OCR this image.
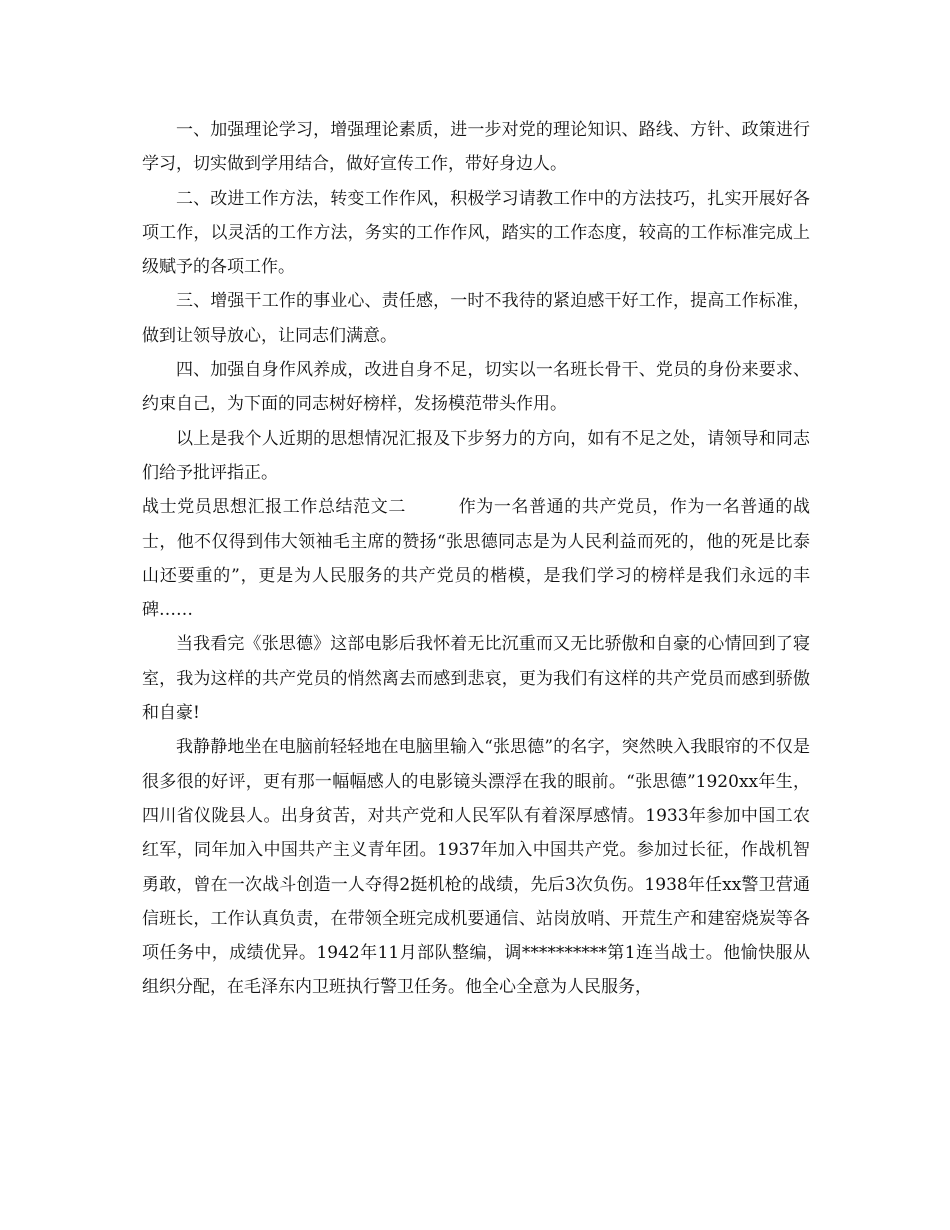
一、加强理论学习，增强理论素质，进一步对党的理论知识、路线、方针、政策进行学习，切实做到学用结合，做好宣传工作，带好身边人。

二、改进工作方法，转变工作作风，积极学习请教工作中的方法技巧，扎实开展好各项工作，以灵活的工作方法，务实的工作作风，踏实的工作态度，较高的工作标准完成上级赋予的各项工作。

三、增强干工作的事业心、责任感，一时不我待的紧迫感干好工作，提高工作标准，做到让领导放心，让同志们满意。

四、加强自身作风养成，改进自身不足，切实以一名班长骨干、党员的身份来要求、约束自己，为下面的同志树好榜样，发扬模范带头作用。

以上是我个人近期的思想情况汇报及下步努力的方向，如有不足之处，请领导和同志们给予批评指正。

战士党员思想汇报工作总结范文二　　　作为一名普通的共产党员，作为一名普通的战士，他不仅得到伟大领袖毛主席的赞扬“张思德同志是为人民利益而死的，他的死是比泰山还要重的”，更是为人民服务的共产党员的楷模，是我们学习的榜样是我们永远的丰碑……

当我看完《张思德》这部电影后我怀着无比沉重而又无比骄傲和自豪的心情回到了寝室，我为这样的共产党员的悄然离去而感到悲哀，更为我们有这样的共产党员而感到骄傲和自豪!

我静静地坐在电脑前轻轻地在电脑里输入“张思德”的名字，突然映入我眼帘的不仅是很多很的好评，更有那一幅幅感人的电影镜头漂浮在我的眼前。“张思德”1920xx年生，四川省仪陇县人。出身贫苦，对共产党和人民军队有着深厚感情。1933年参加中国工农红军，同年加入中国共产主义青年团。1937年加入中国共产党。参加过长征，作战机智勇敢，曾在一次战斗创造一人夺得2挺机枪的战绩，先后3次负伤。1938年任xx警卫营通信班长，工作认真负责，在带领全班完成机要通信、站岗放哨、开荒生产和建窑烧炭等各项任务中，成绩优异。1942年11月部队整编，调**********第1连当战士。他愉快服从组织分配，在毛泽东内卫班执行警卫任务。他全心全意为人民服务，
